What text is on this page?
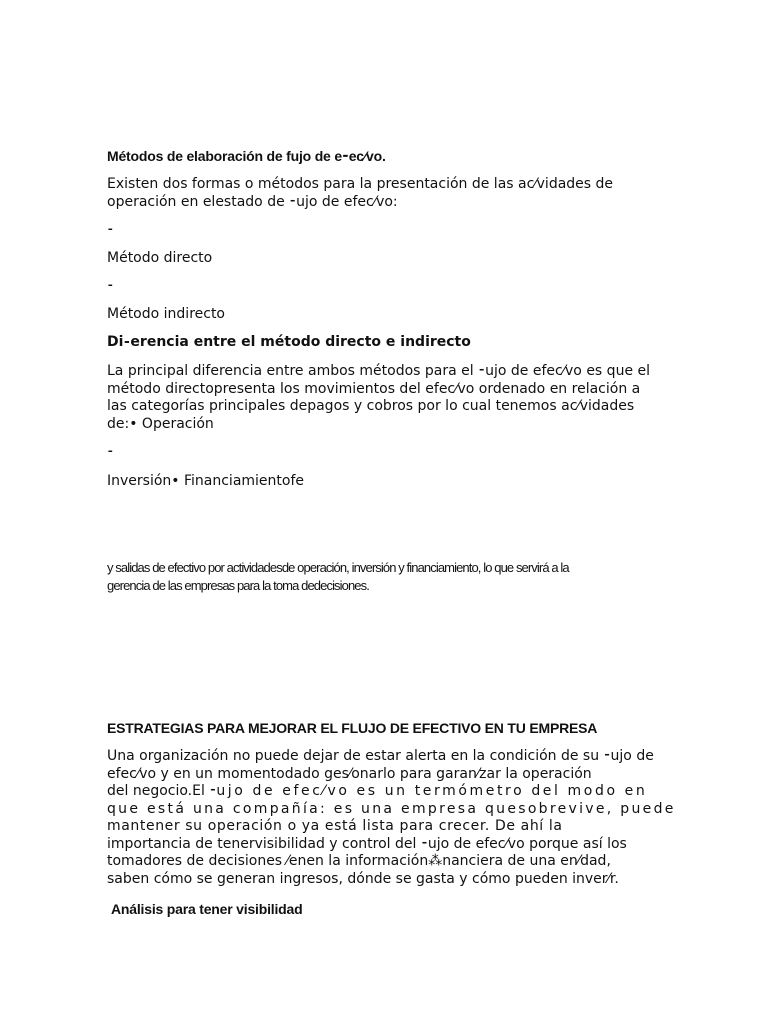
Métodos de elaboración de fujo de e⁃ec⁄vo.
Existen dos formas o métodos para la presentación de las ac⁄vidades de
operación en elestado de ⁃ujo de efec⁄vo:
⁃
Método directo
⁃
Método indirecto
Di⁃erencia entre el método directo e indirecto
La principal diferencia entre ambos métodos para el ⁃ujo de efec⁄vo es que el
método directopresenta los movimientos del efec⁄vo ordenado en relación a
las categorías principales depagos y cobros por lo cual tenemos ac⁄vidades
de:• Operación
⁃
Inversión• Financiamientofe
y salidas de efectivo por actividadesde operación, inversión y financiamiento, lo que servirá a la
gerencia de las empresas para la toma dedecisiones.
ESTRATEGIAS PARA MEJORAR EL FLUJO DE EFECTIVO EN TU EMPRESA
Una organización no puede dejar de estar alerta en la condición de su ⁃ujo de
efec⁄vo y en un momentodado ges⁄onarlo para garan⁄zar la operación
del negocio.El ⁃ujo de efec⁄vo es un termómetro del modo en
que está una compañía: es una empresa quesobrevive, puede
mantener su operación o ya está lista para crecer. De ahí la
importancia de tenervisibilidad y control del ⁃ujo de efec⁄vo porque así los
tomadores de decisiones ⁄enen la información⁂nanciera de una en⁄dad,
saben cómo se generan ingresos, dónde se gasta y cómo pueden inver⁄r.
Análisis para tener visibilidad
